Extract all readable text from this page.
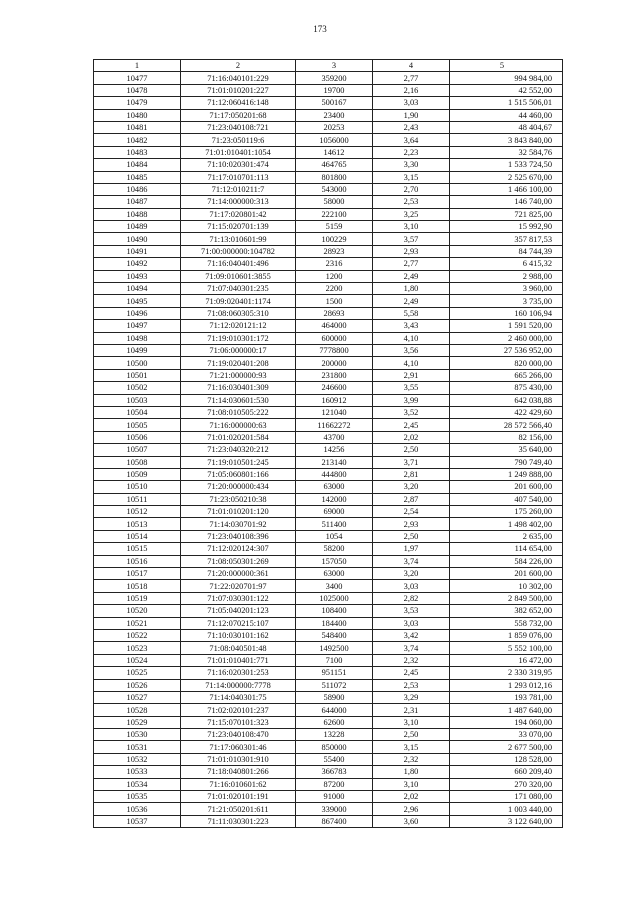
173
1	2	3	4	5
10477	71:16:040101:229	359200	2,77	994 984,00
10478	71:01:010201:227	19700	2,16	42 552,00
10479	71:12:060416:148	500167	3,03	1 515 506,01
10480	71:17:050201:68	23400	1,90	44 460,00
10481	71:23:040108:721	20253	2,43	48 404,67
10482	71:23:050119:6	1056000	3,64	3 843 840,00
10483	71:01:010401:1054	14612	2,23	32 584,76
10484	71:10:020301:474	464765	3,30	1 533 724,50
10485	71:17:010701:113	801800	3,15	2 525 670,00
10486	71:12:010211:7	543000	2,70	1 466 100,00
10487	71:14:000000:313	58000	2,53	146 740,00
10488	71:17:020801:42	222100	3,25	721 825,00
10489	71:15:020701:139	5159	3,10	15 992,90
10490	71:13:010601:99	100229	3,57	357 817,53
10491	71:00:000000:104782	28923	2,93	84 744,39
10492	71:16:040401:496	2316	2,77	6 415,32
10493	71:09:010601:3855	1200	2,49	2 988,00
10494	71:07:040301:235	2200	1,80	3 960,00
10495	71:09:020401:1174	1500	2,49	3 735,00
10496	71:08:060305:310	28693	5,58	160 106,94
10497	71:12:020121:12	464000	3,43	1 591 520,00
10498	71:19:010301:172	600000	4,10	2 460 000,00
10499	71:06:000000:17	7778800	3,56	27 536 952,00
10500	71:19:020401:208	200000	4,10	820 000,00
10501	71:21:000000:93	231800	2,91	665 266,00
10502	71:16:030401:309	246600	3,55	875 430,00
10503	71:14:030601:530	160912	3,99	642 038,88
10504	71:08:010505:222	121040	3,52	422 429,60
10505	71:16:000000:63	11662272	2,45	28 572 566,40
10506	71:01:020201:584	43700	2,02	82 156,00
10507	71:23:040320:212	14256	2,50	35 640,00
10508	71:19:010501:245	213140	3,71	790 749,40
10509	71:05:060801:166	444800	2,81	1 249 888,00
10510	71:20:000000:434	63000	3,20	201 600,00
10511	71:23:050210:38	142000	2,87	407 540,00
10512	71:01:010201:120	69000	2,54	175 260,00
10513	71:14:030701:92	511400	2,93	1 498 402,00
10514	71:23:040108:396	1054	2,50	2 635,00
10515	71:12:020124:307	58200	1,97	114 654,00
10516	71:08:050301:269	157050	3,74	584 226,00
10517	71:20:000000:361	63000	3,20	201 600,00
10518	71:22:020701:97	3400	3,03	10 302,00
10519	71:07:030301:122	1025000	2,82	2 849 500,00
10520	71:05:040201:123	108400	3,53	382 652,00
10521	71:12:070215:107	184400	3,03	558 732,00
10522	71:10:030101:162	548400	3,42	1 859 076,00
10523	71:08:040501:48	1492500	3,74	5 552 100,00
10524	71:01:010401:771	7100	2,32	16 472,00
10525	71:16:020301:253	951151	2,45	2 330 319,95
10526	71:14:000000:7778	511072	2,53	1 293 012,16
10527	71:14:040301:75	58900	3,29	193 781,00
10528	71:02:020101:237	644000	2,31	1 487 640,00
10529	71:15:070101:323	62600	3,10	194 060,00
10530	71:23:040108:470	13228	2,50	33 070,00
10531	71:17:060301:46	850000	3,15	2 677 500,00
10532	71:01:010301:910	55400	2,32	128 528,00
10533	71:18:040801:266	366783	1,80	660 209,40
10534	71:16:010601:62	87200	3,10	270 320,00
10535	71:01:020101:191	91000	2,02	171 080,00
10536	71:21:050201:611	339000	2,96	1 003 440,00
10537	71:11:030301:223	867400	3,60	3 122 640,00
